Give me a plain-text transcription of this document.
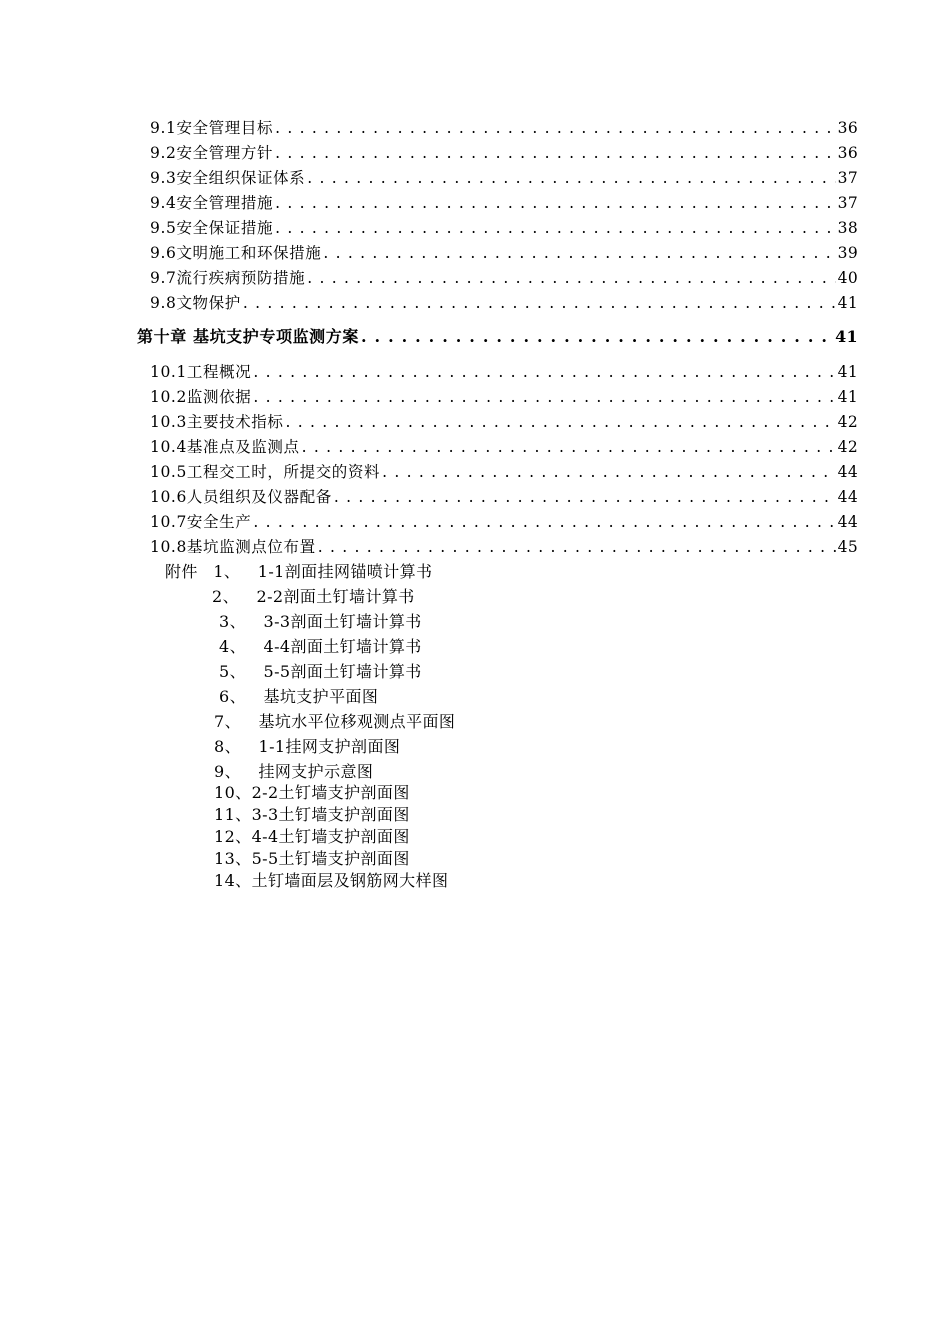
9.1安全管理目标 . . .	36
9.2安全管理方针 . . .	36
9.3安全组织保证体系 . . .	37
9.4安全管理措施 . . .	37
9.5安全保证措施 . . .	38
9.6文明施工和环保措施 . . .	39
9.7流行疾病预防措施 . . .	40
9.8文物保护 . . .	41
第十章 基坑支护专项监测方案 . . .	41
10.1工程概况 . . .	41
10.2监测依据 . . .	41
10.3主要技术指标 . . .	42
10.4基准点及监测点 . . .	42
10.5工程交工时，所提交的资料 . . .	44
10.6人员组织及仪器配备 . . .	44
10.7安全生产 . . .	44
10.8基坑监测点位布置 . . .	45
附件 1、 1-1剖面挂网锚喷计算书
2、 2-2剖面土钉墙计算书
3、 3-3剖面土钉墙计算书
4、 4-4剖面土钉墙计算书
5、 5-5剖面土钉墙计算书
6、 基坑支护平面图
7、 基坑水平位移观测点平面图
8、 1-1挂网支护剖面图
9、 挂网支护示意图
10、2-2土钉墙支护剖面图
11、3-3土钉墙支护剖面图
12、4-4土钉墙支护剖面图
13、5-5土钉墙支护剖面图
14、土钉墙面层及钢筋网大样图
